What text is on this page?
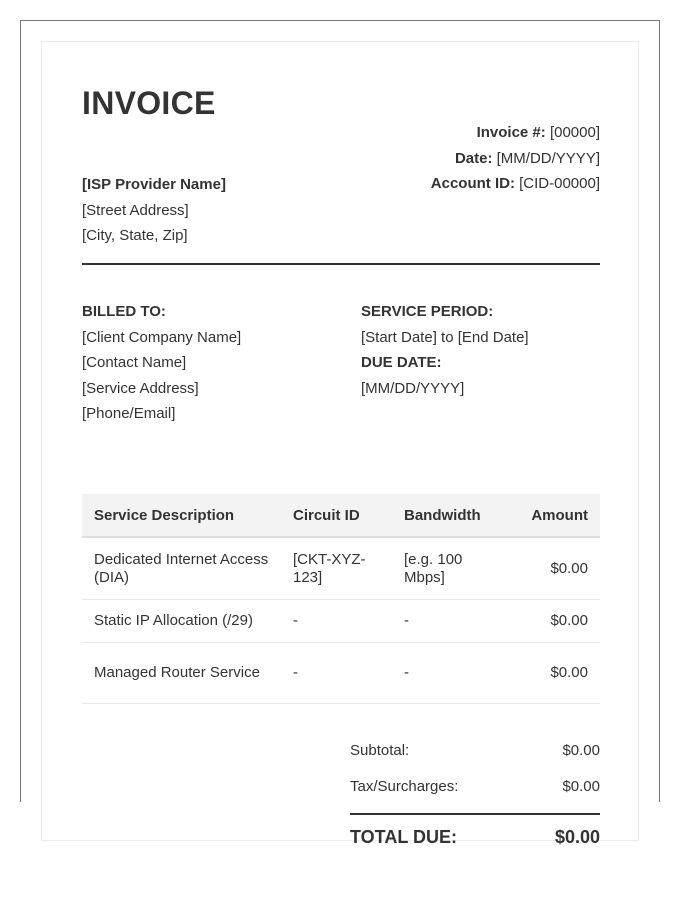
INVOICE
[ISP Provider Name]
[Street Address]
[City, State, Zip]
Invoice #: [00000]
Date: [MM/DD/YYYY]
Account ID: [CID-00000]
BILLED TO:
[Client Company Name]
[Contact Name]
[Service Address]
[Phone/Email]
SERVICE PERIOD:
[Start Date] to [End Date]
DUE DATE:
[MM/DD/YYYY]
Service Description	Circuit ID	Bandwidth	Amount
Dedicated Internet Access (DIA)	[CKT-XYZ-123]	[e.g. 100 Mbps]	$0.00
Static IP Allocation (/29)	-	-	$0.00
Managed Router Service	-	-	$0.00
Subtotal:	$0.00
Tax/Surcharges:	$0.00
TOTAL DUE:	$0.00
